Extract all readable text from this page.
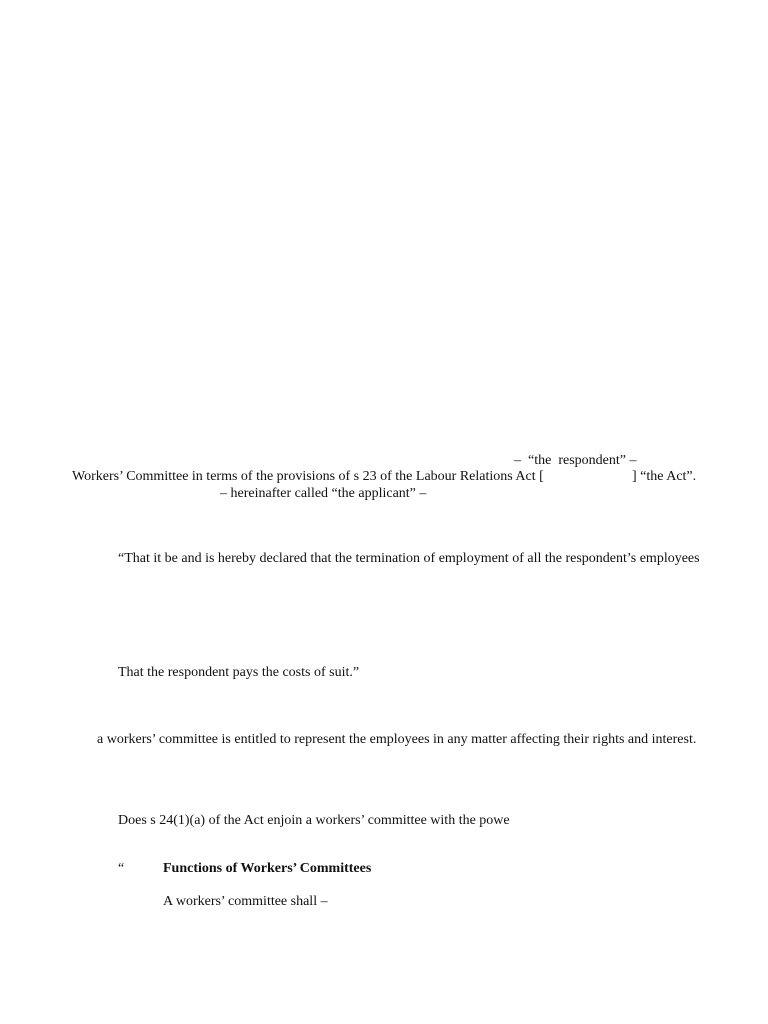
–  “the  respondent” –
Workers’ Committee in terms of the provisions of s 23 of the Labour Relations Act [	] “the Act”.
– hereinafter called “the applicant” –
“That it be and is hereby declared that the termination of employment of all the respondent’s employees
That the respondent pays the costs of suit.”
a workers’ committee is entitled to represent the employees in any matter affecting their rights and interest.
Does s 24(1)(a) of the Act enjoin a workers’ committee with the powe
“	Functions of Workers’ Committees
A workers’ committee shall –
